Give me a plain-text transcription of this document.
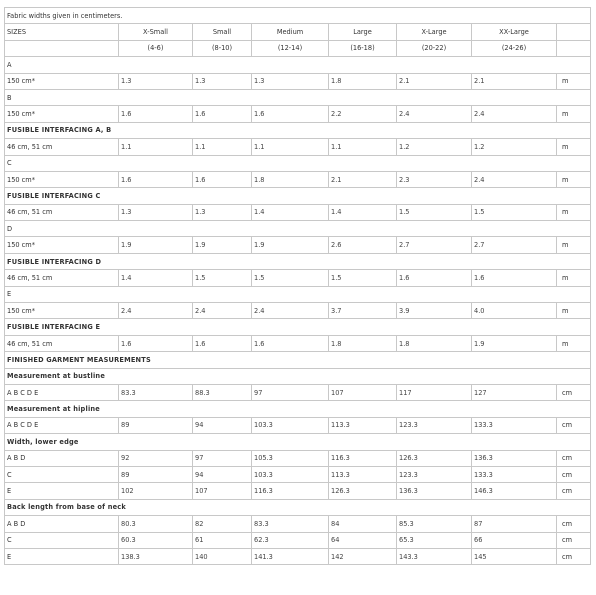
Fabric widths given in centimeters.							
SIZES	X-Small	Small	Medium	Large	X-Large	XX-Large	

	(4-6)	(8-10)	(12-14)	(16-18)	(20-22)	(24-26)	
A							
150 cm*	1.3	1.3	1.3	1.8	2.1	2.1	m
B							
150 cm*	1.6	1.6	1.6	2.2	2.4	2.4	m
FUSIBLE INTERFACING A, B							
46 cm, 51 cm	1.1	1.1	1.1	1.1	1.2	1.2	m
C							
150 cm*	1.6	1.6	1.8	2.1	2.3	2.4	m
FUSIBLE INTERFACING C							
46 cm, 51 cm	1.3	1.3	1.4	1.4	1.5	1.5	m
D							
150 cm*	1.9	1.9	1.9	2.6	2.7	2.7	m
FUSIBLE INTERFACING D							
46 cm, 51 cm	1.4	1.5	1.5	1.5	1.6	1.6	m
E							
150 cm*	2.4	2.4	2.4	3.7	3.9	4.0	m
FUSIBLE INTERFACING E							
46 cm, 51 cm	1.6	1.6	1.6	1.8	1.8	1.9	m
FINISHED GARMENT MEASUREMENTS							
Measurement at bustline							
A B C D E	83.3	88.3	97	107	117	127	cm
Measurement at hipline							
A B C D E	89	94	103.3	113.3	123.3	133.3	cm
Width, lower edge							
A B D	92	97	105.3	116.3	126.3	136.3	cm
C	89	94	103.3	113.3	123.3	133.3	cm
E	102	107	116.3	126.3	136.3	146.3	cm
Back length from base of neck							
A B D	80.3	82	83.3	84	85.3	87	cm
C	60.3	61	62.3	64	65.3	66	cm
E	138.3	140	141.3	142	143.3	145	cm
